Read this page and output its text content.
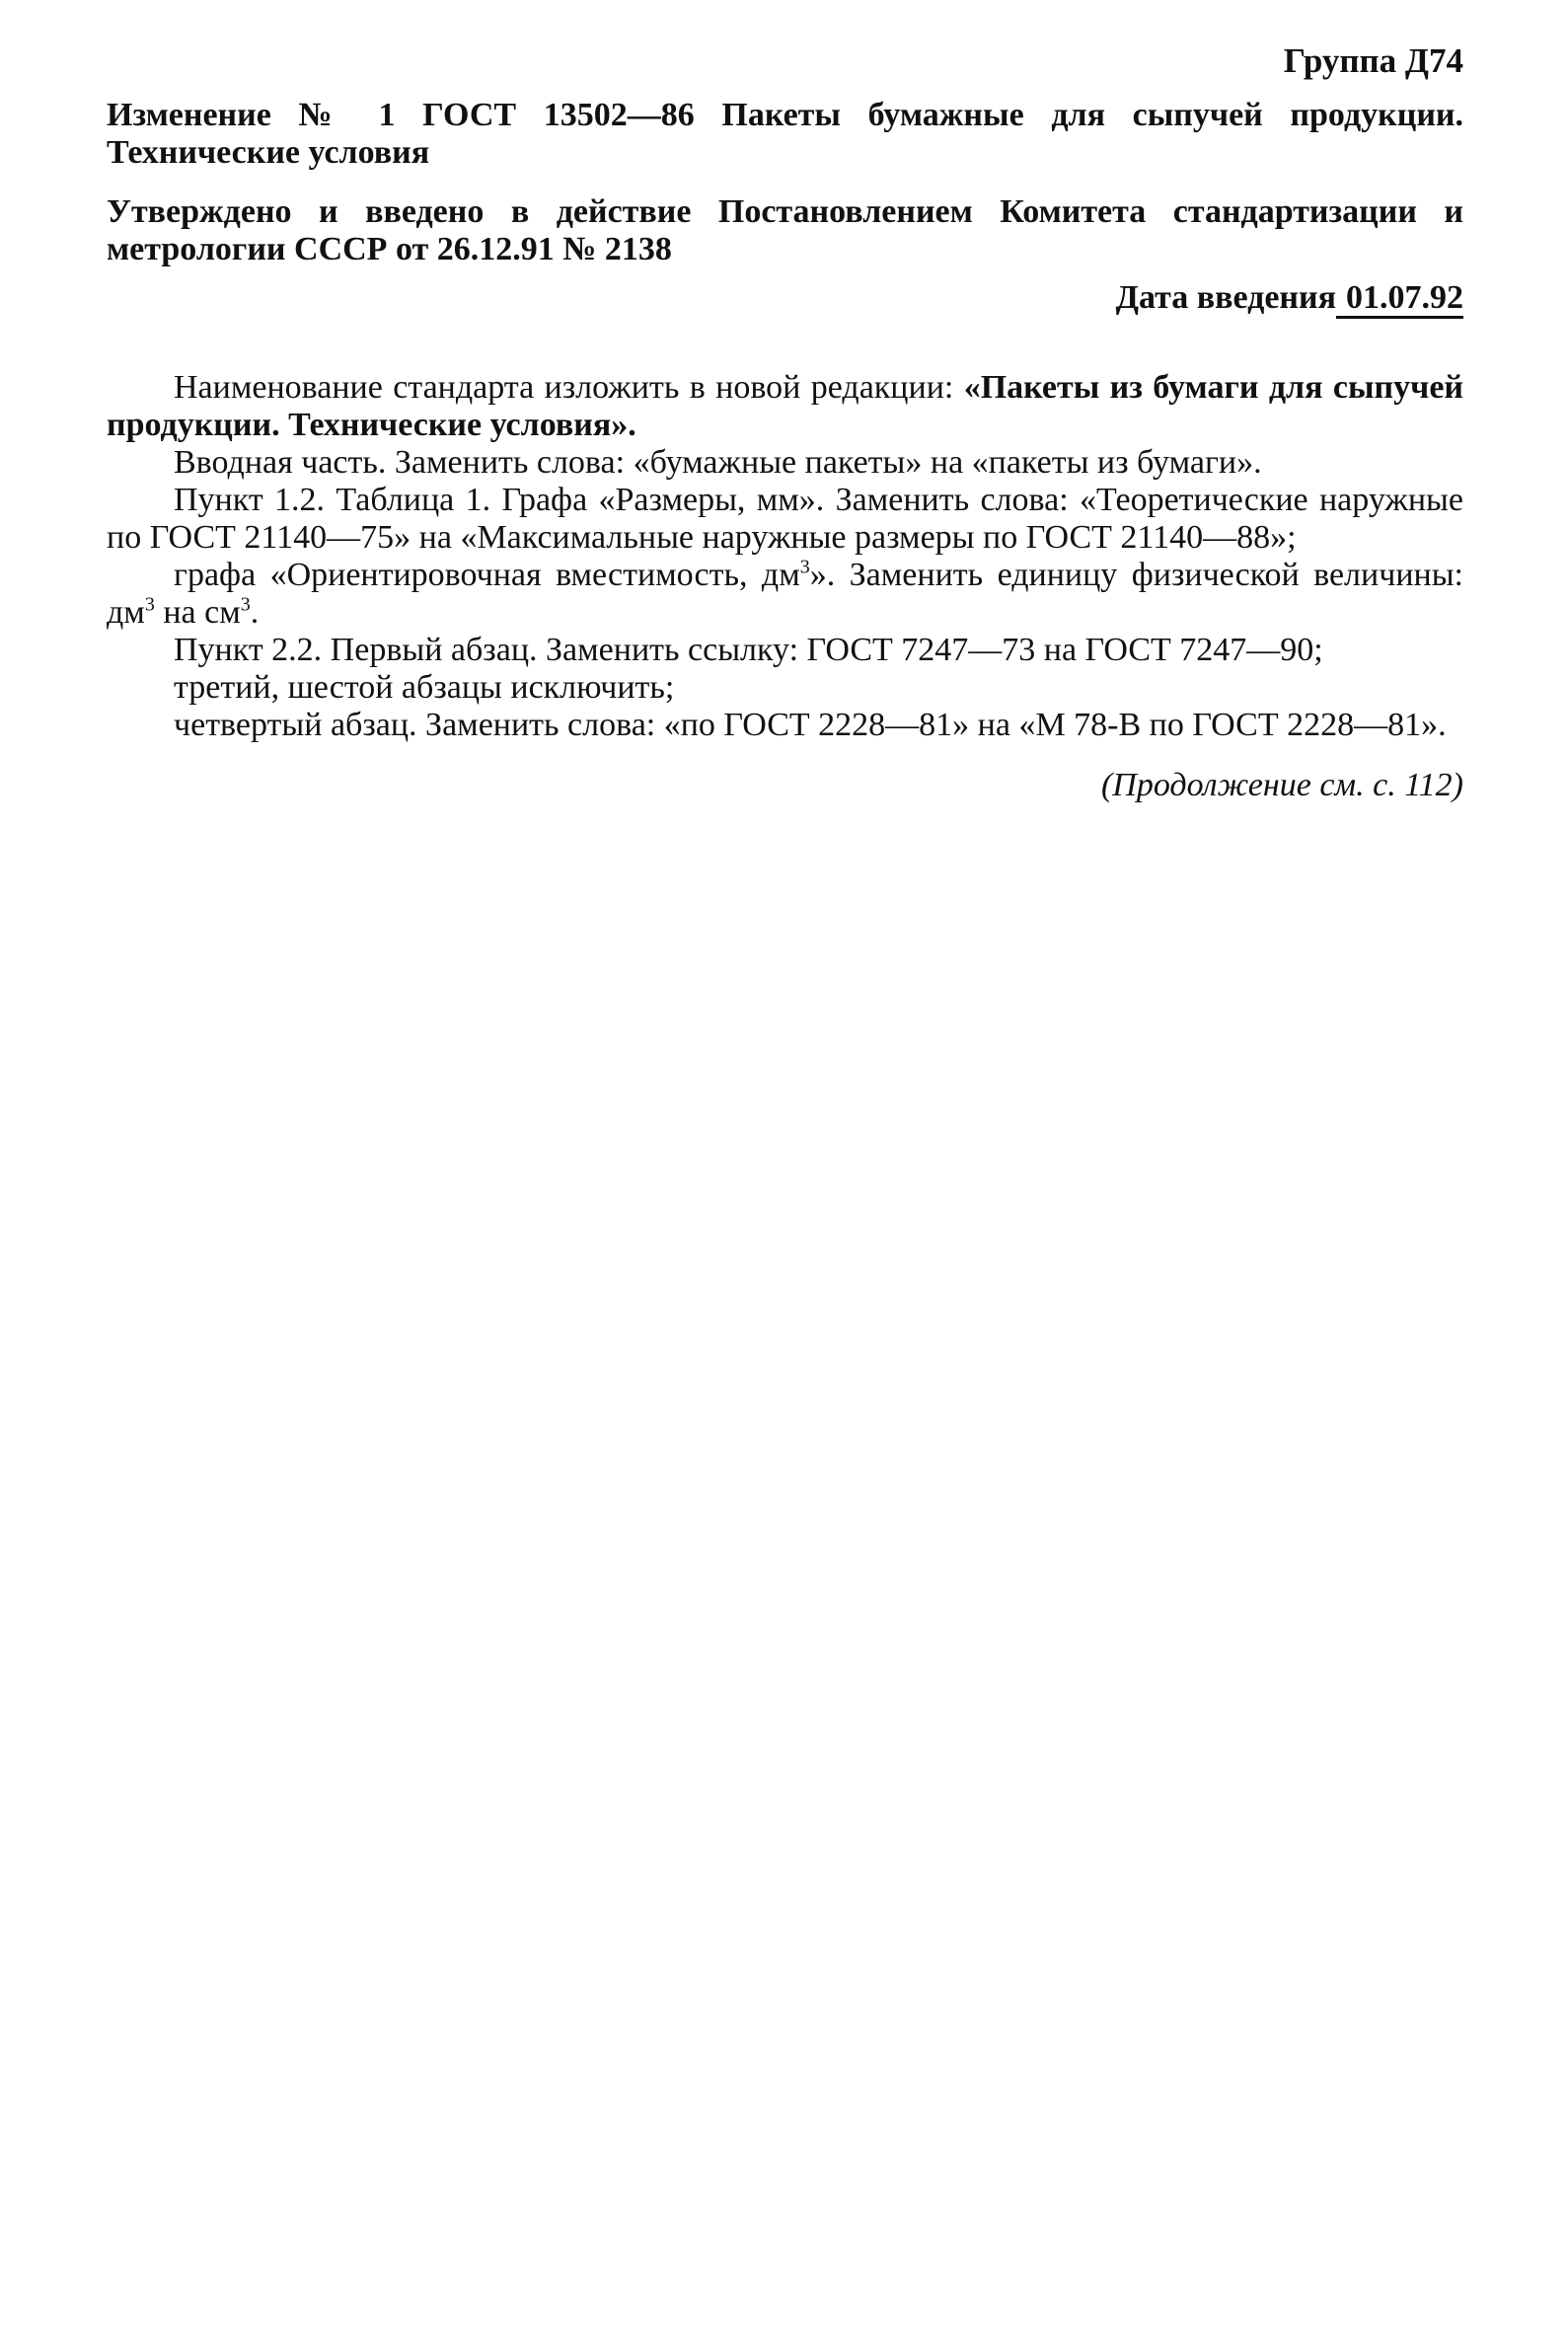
Группа Д74

Изменение № 1 ГОСТ 13502—86 Пакеты бумажные для сыпучей продукции. Технические условия

Утверждено и введено в действие Постановлением Комитета стандартизации и метрологии СССР от 26.12.91 № 2138

Дата введения 01.07.92

Наименование стандарта изложить в новой редакции: «Пакеты из бумаги для сыпучей продукции. Технические условия».

Вводная часть. Заменить слова: «бумажные пакеты» на «пакеты из бумаги».

Пункт 1.2. Таблица 1. Графа «Размеры, мм». Заменить слова: «Теоретические наружные по ГОСТ 21140—75» на «Максимальные наружные размеры по ГОСТ 21140—88»;

графа «Ориентировочная вместимость, $дм^3$». Заменить единицу физической величины: $дм^3$ на $см^3$.

Пункт 2.2. Первый абзац. Заменить ссылку: ГОСТ 7247—73 на ГОСТ 7247—90;

третий, шестой абзацы исключить;

четвертый абзац. Заменить слова: «по ГОСТ 2228—81» на «М 78-В по ГОСТ 2228—81».

(Продолжение см. с. 112)
